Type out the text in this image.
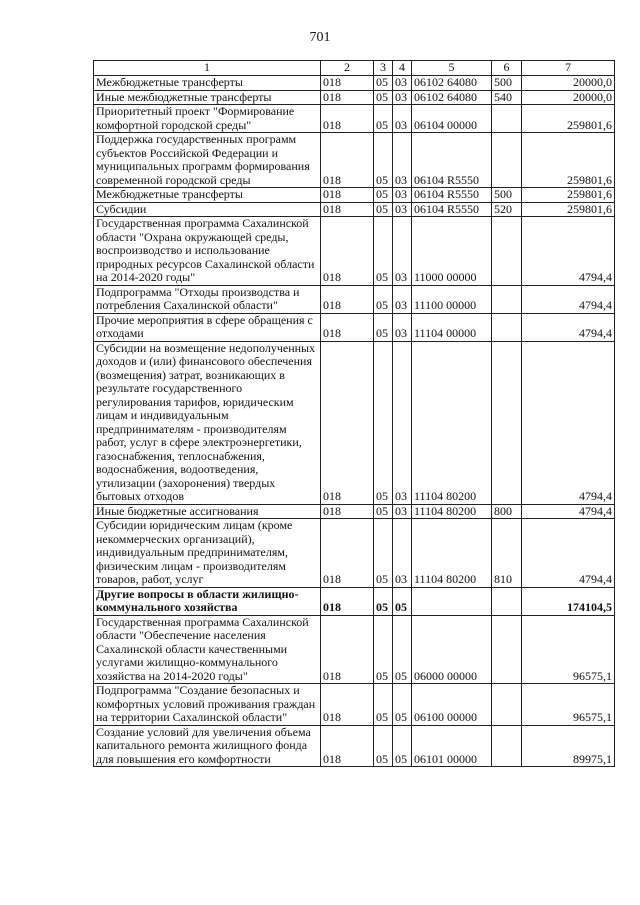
701
1	2	3	4	5	6	7
Межбюджетные трансферты	018	05	03	06102 64080	500	20000,0
Иные межбюджетные трансферты	018	05	03	06102 64080	540	20000,0
Приоритетный проект "Формирование комфортной городской среды"	018	05	03	06104 00000		259801,6
Поддержка государственных программ субъектов Российской Федерации и муниципальных программ формирования современной городской среды	018	05	03	06104 R5550		259801,6
Межбюджетные трансферты	018	05	03	06104 R5550	500	259801,6
Субсидии	018	05	03	06104 R5550	520	259801,6
Государственная программа Сахалинской области "Охрана окружающей среды, воспроизводство и использование природных ресурсов Сахалинской области на 2014-2020 годы"	018	05	03	11000 00000		4794,4
Подпрограмма "Отходы производства и потребления Сахалинской области"	018	05	03	11100 00000		4794,4
Прочие мероприятия в сфере обращения с отходами	018	05	03	11104 00000		4794,4
Субсидии на возмещение недополученных доходов и (или) финансового обеспечения (возмещения) затрат, возникающих в результате государственного регулирования тарифов, юридическим лицам и индивидуальным предпринимателям - производителям работ, услуг в сфере электроэнергетики, газоснабжения, теплоснабжения, водоснабжения, водоотведения, утилизации (захоронения) твердых бытовых отходов	018	05	03	11104 80200		4794,4
Иные бюджетные ассигнования	018	05	03	11104 80200	800	4794,4
Субсидии юридическим лицам (кроме некоммерческих организаций), индивидуальным предпринимателям, физическим лицам - производителям товаров, работ, услуг	018	05	03	11104 80200	810	4794,4
Другие вопросы в области жилищно-коммунального хозяйства	018	05	05			174104,5
Государственная программа Сахалинской области "Обеспечение населения Сахалинской области качественными услугами жилищно-коммунального хозяйства на 2014-2020 годы"	018	05	05	06000 00000		96575,1
Подпрограмма "Создание безопасных и комфортных условий проживания граждан на территории Сахалинской области"	018	05	05	06100 00000		96575,1
Создание условий для увеличения объема капитального ремонта жилищного фонда для повышения его комфортности	018	05	05	06101 00000		89975,1
